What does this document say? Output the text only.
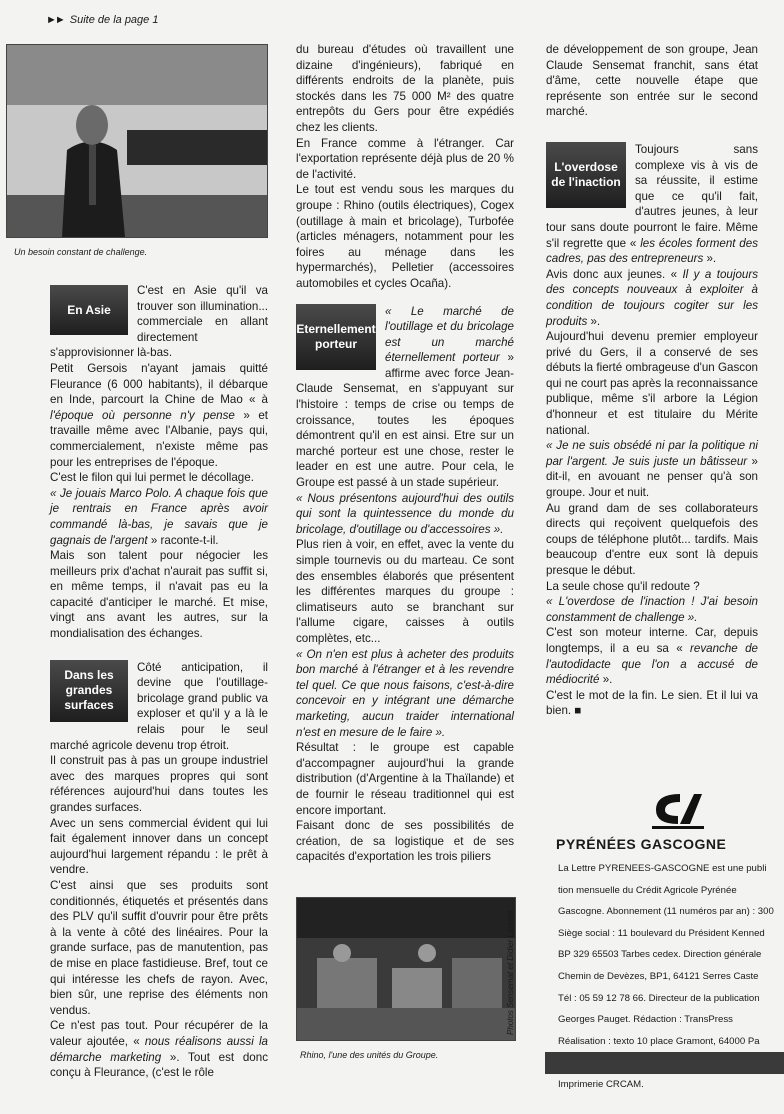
►► Suite de la page 1
Un besoin constant de challenge.
En Asie

C'est en Asie qu'il va trouver son illumination... commerciale en allant directement s'approvisionner là-bas.

Petit Gersois n'ayant jamais quitté Fleurance (6 000 habitants), il débarque en Inde, parcourt la Chine de Mao « à l'époque où personne n'y pense » et travaille même avec l'Albanie, pays qui, commercialement, n'existe même pas pour les entreprises de l'époque.

C'est le filon qui lui permet le décollage.

« Je jouais Marco Polo. A chaque fois que je rentrais en France après avoir commandé là-bas, je savais que je gagnais de l'argent » raconte-t-il.

Mais son talent pour négocier les meilleurs prix d'achat n'aurait pas suffit si, en même temps, il n'avait pas eu la capacité d'anticiper le marché. Et mise, vingt ans avant les autres, sur la mondialisation des échanges.

Dans les grandes surfaces

Côté anticipation, il devine que l'outillage-bricolage grand public va exploser et qu'il y a là le relais pour le seul marché agricole devenu trop étroit.

Il construit pas à pas un groupe industriel avec des marques propres qui sont références aujourd'hui dans toutes les grandes surfaces.

Avec un sens commercial évident qui lui fait également innover dans un concept aujourd'hui largement répandu : le prêt à vendre.

C'est ainsi que ses produits sont conditionnés, étiquetés et présentés dans des PLV qu'il suffit d'ouvrir pour être prêts à la vente à côté des linéaires. Pour la grande surface, pas de manutention, pas de mise en place fastidieuse. Bref, tout ce qui intéresse les chefs de rayon. Avec, bien sûr, une reprise des éléments non vendus.

Ce n'est pas tout. Pour récupérer de la valeur ajoutée, « nous réalisons aussi la démarche marketing ». Tout est donc conçu à Fleurance, (c'est le rôle

du bureau d'études où travaillent une dizaine d'ingénieurs), fabriqué en différents endroits de la planète, puis stockés dans les 75 000 M² des quatre entrepôts du Gers pour être expédiés chez les clients.

En France comme à l'étranger. Car l'exportation représente déjà plus de 20 % de l'activité.

Le tout est vendu sous les marques du groupe : Rhino (outils électriques), Cogex (outillage à main et bricolage), Turbofée (articles ménagers, notamment pour les foires au ménage dans les hypermarchés), Pelletier (accessoires automobiles et cycles Ocaña).

Eternellement porteur

« Le marché de l'outillage et du bricolage est un marché éternellement porteur » affirme avec force Jean-Claude Sensemat, en s'appuyant sur l'histoire : temps de crise ou temps de croissance, toutes les époques démontrent qu'il en est ainsi. Etre sur un marché porteur est une chose, rester le leader en est une autre. Pour cela, le Groupe est passé à un stade supérieur.

« Nous présentons aujourd'hui des outils qui sont la quintessence du monde du bricolage, d'outillage ou d'accessoires ».

Plus rien à voir, en effet, avec la vente du simple tournevis ou du marteau. Ce sont des ensembles élaborés que présentent les différentes marques du groupe : climatiseurs auto se branchant sur l'allume cigare, caisses à outils complètes, etc...

« On n'en est plus à acheter des produits bon marché à l'étranger et à les revendre tel quel. Ce que nous faisons, c'est-à-dire concevoir en y intégrant une démarche marketing, aucun traider international n'est en mesure de le faire ».

Résultat : le groupe est capable d'accompagner aujourd'hui la grande distribution (d'Argentine à la Thaïlande) et de fournir le réseau traditionnel qui est encore important.

Faisant donc de ses possibilités de création, de sa logistique et de ses capacités d'exportation les trois piliers

Rhino, l'une des unités du Groupe.
Photos Sensemat et Didier Laurent

de développement de son groupe, Jean Claude Sensemat franchit, sans état d'âme, cette nouvelle étape que représente son entrée sur le second marché.

L'overdose de l'inaction

Toujours sans complexe vis à vis de sa réussite, il estime que ce qu'il fait, d'autres jeunes, à leur tour sans doute pourront le faire. Même s'il regrette que « les écoles forment des cadres, pas des entrepreneurs ».

Avis donc aux jeunes. « Il y a toujours des concepts nouveaux à exploiter à condition de toujours cogiter sur les produits ».

Aujourd'hui devenu premier employeur privé du Gers, il a conservé de ses débuts la fierté ombrageuse d'un Gascon qui ne court pas après la reconnaissance publique, même s'il arbore la Légion d'honneur et est titulaire du Mérite national.

« Je ne suis obsédé ni par la politique ni par l'argent. Je suis juste un bâtisseur » dit-il, en avouant ne penser qu'à son groupe. Jour et nuit.

Au grand dam de ses collaborateurs directs qui reçoivent quelquefois des coups de téléphone plutôt... tardifs. Mais beaucoup d'entre eux sont là depuis presque le début.

La seule chose qu'il redoute ?

« L'overdose de l'inaction ! J'ai besoin constamment de challenge ».

C'est son moteur interne. Car, depuis longtemps, il a eu sa « revanche de l'autodidacte que l'on a accusé de médiocrité ».

C'est le mot de la fin. Le sien. Et il lui va bien. ■

PYRÉNÉES GASCOGNE
La Lettre PYRENEES-GASCOGNE est une publi
tion mensuelle du Crédit Agricole Pyrénée
Gascogne. Abonnement (11 numéros par an) : 300
Siège social : 11 boulevard du Président Kenned
BP 329 65503 Tarbes cedex. Direction générale
Chemin de Devèzes, BP1, 64121 Serres Caste
Tél : 05 59 12 78 66. Directeur de la publication
Georges Pauget. Rédaction : TransPress
Réalisation : texto 10 place Gramont, 64000 Pa
Imprimerie CRCAM.
